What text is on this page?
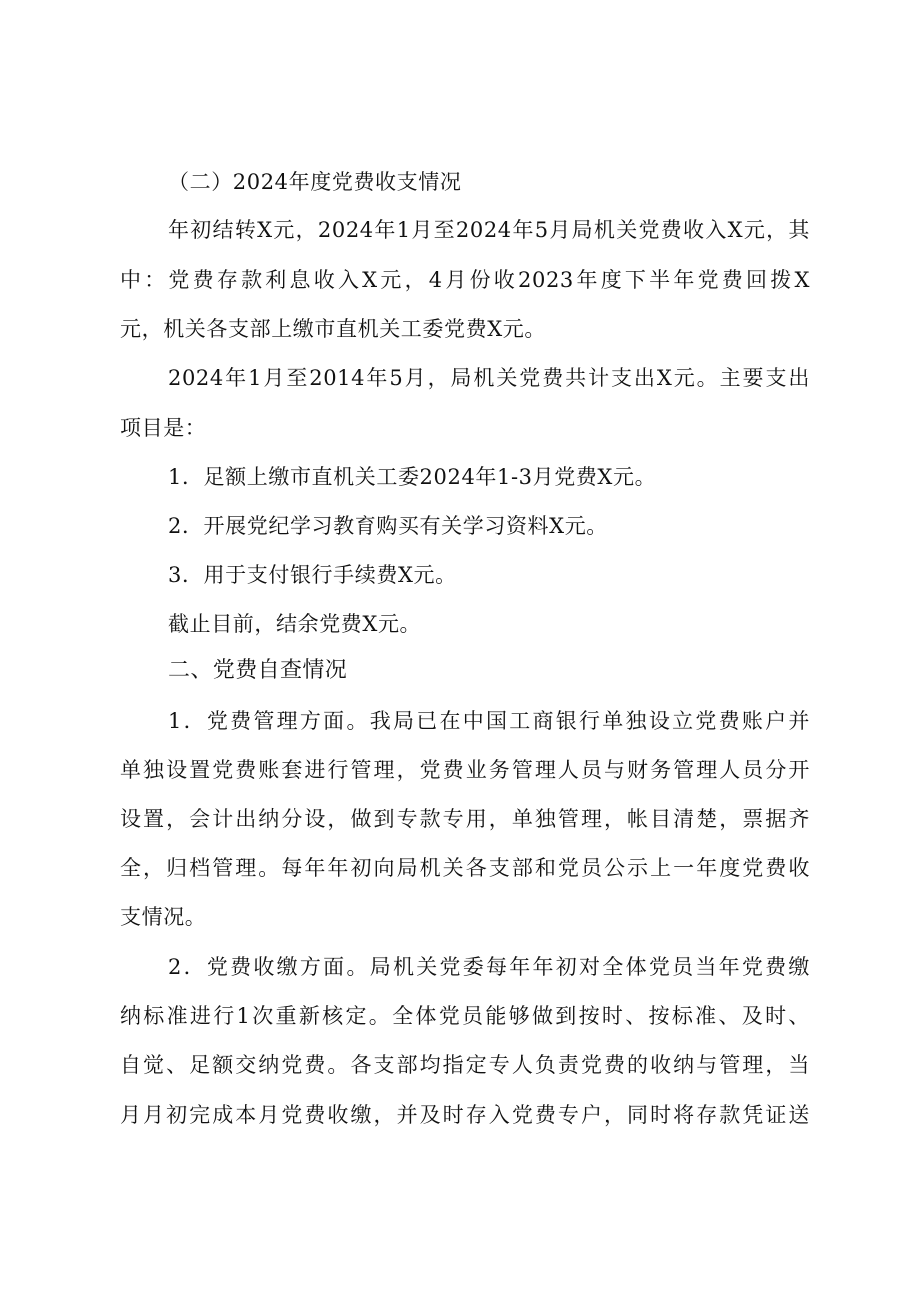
（二）2024年度党费收支情况
年初结转X元，2024年1月至2024年5月局机关党费收入X元，其
中：党费存款利息收入X元，4月份收2023年度下半年党费回拨X
元，机关各支部上缴市直机关工委党费X元。
2024年1月至2014年5月，局机关党费共计支出X元。主要支出
项目是：
1．足额上缴市直机关工委2024年1-3月党费X元。
2．开展党纪学习教育购买有关学习资料X元。
3．用于支付银行手续费X元。
截止目前，结余党费X元。
二、党费自查情况
1．党费管理方面。我局已在中国工商银行单独设立党费账户并
单独设置党费账套进行管理，党费业务管理人员与财务管理人员分开
设置，会计出纳分设，做到专款专用，单独管理，帐目清楚，票据齐
全，归档管理。每年年初向局机关各支部和党员公示上一年度党费收
支情况。
2．党费收缴方面。局机关党委每年年初对全体党员当年党费缴
纳标准进行1次重新核定。全体党员能够做到按时、按标准、及时、
自觉、足额交纳党费。各支部均指定专人负责党费的收纳与管理，当
月月初完成本月党费收缴，并及时存入党费专户，同时将存款凭证送
